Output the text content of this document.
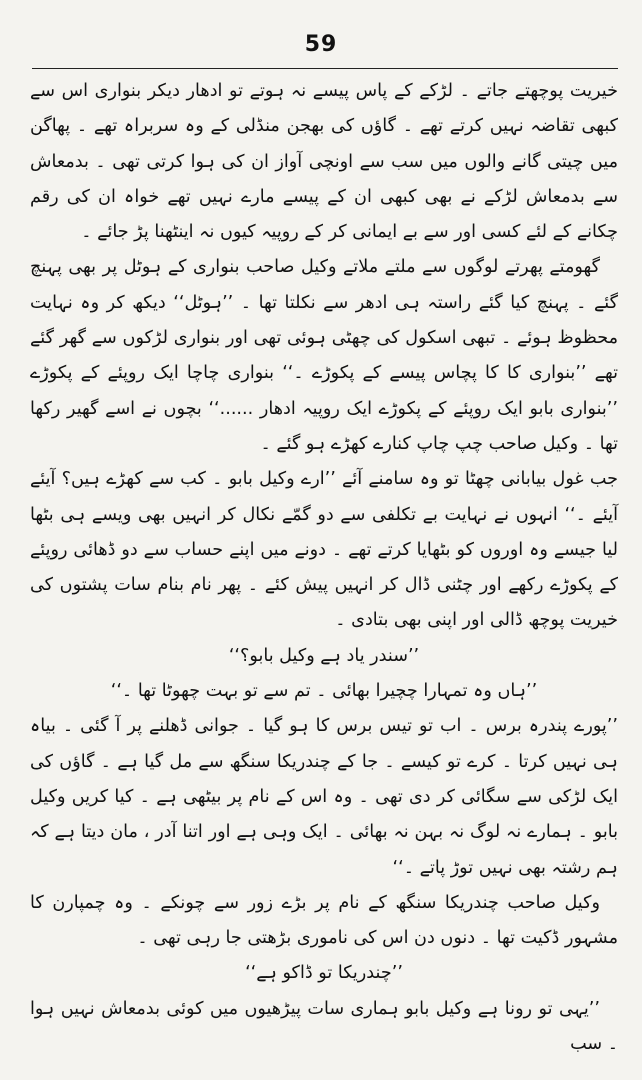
59

خیریت پوچھتے جاتے ۔ لڑکے کے پاس پیسے نہ ہوتے تو ادھار دیکر بنواری اس سے کبھی تقاضہ نہیں کرتے تھے ۔ گاؤں کی بھجن منڈلی کے وہ سربراہ تھے ۔ پھاگن میں چیتی گانے والوں میں سب سے اونچی آواز ان کی ہوا کرتی تھی ۔ بدمعاش سے بدمعاش لڑکے نے بھی کبھی ان کے پیسے مارے نہیں تھے خواہ ان کی رقم چکانے کے لئے کسی اور سے بے ایمانی کر کے روپیہ کیوں نہ اینٹھنا پڑ جائے ۔

گھومتے پھرتے لوگوں سے ملتے ملاتے وکیل صاحب بنواری کے ہوٹل پر بھی پہنچ گئے ۔ پہنچ کیا گئے راستہ ہی ادھر سے نکلتا تھا ۔ ’’ہوٹل‘‘ دیکھ کر وہ نہایت محظوظ ہوئے ۔ تبھی اسکول کی چھٹی ہوئی تھی اور بنواری لڑکوں سے گھر گئے تھے ’’بنواری کا کا پچاس پیسے کے پکوڑے ۔‘‘ بنواری چاچا ایک روپئے کے پکوڑے ’’بنواری بابو ایک روپئے کے پکوڑے ایک روپیہ ادھار ......‘‘ بچوں نے اسے گھیر رکھا تھا ۔ وکیل صاحب چپ چاپ کنارے کھڑے ہو گئے ۔

جب غول بیابانی چھٹا تو وہ سامنے آئے ’’ارے وکیل بابو ۔ کب سے کھڑے ہیں؟ آیئے آیئے ۔‘‘ انہوں نے نہایت بے تکلفی سے دو گمّے نکال کر انہیں بھی ویسے ہی بٹھا لیا جیسے وہ اوروں کو بٹھایا کرتے تھے ۔ دونے میں اپنے حساب سے دو ڈھائی روپئے کے پکوڑے رکھے اور چٹنی ڈال کر انہیں پیش کئے ۔ پھر نام بنام سات پشتوں کی خیریت پوچھ ڈالی اور اپنی بھی بتادی ۔

’’سندر یاد ہے وکیل بابو؟‘‘

’’ہاں وہ تمہارا چچیرا بھائی ۔ تم سے تو بہت چھوٹا تھا ۔‘‘

’’پورے پندرہ برس ۔ اب تو تیس برس کا ہو گیا ۔ جوانی ڈھلنے پر آ گئی ۔ بیاہ ہی نہیں کرتا ۔ کرے تو کیسے ۔ جا کے چندریکا سنگھ سے مل گیا ہے ۔ گاؤں کی ایک لڑکی سے سگائی کر دی تھی ۔ وہ اس کے نام پر بیٹھی ہے ۔ کیا کریں وکیل بابو ۔ ہمارے نہ لوگ نہ بہن نہ بھائی ۔ ایک وہی ہے اور اتنا آدر ، مان دیتا ہے کہ ہم رشتہ بھی نہیں توڑ پاتے ۔‘‘

وکیل صاحب چندریکا سنگھ کے نام پر بڑے زور سے چونکے ۔ وہ چمپارن کا مشہور ڈکیت تھا ۔ دنوں دن اس کی ناموری بڑھتی جا رہی تھی ۔

’’چندریکا تو ڈاکو ہے‘‘

’’یہی تو رونا ہے وکیل بابو ہماری سات پیڑھیوں میں کوئی بدمعاش نہیں ہوا ۔ سب
